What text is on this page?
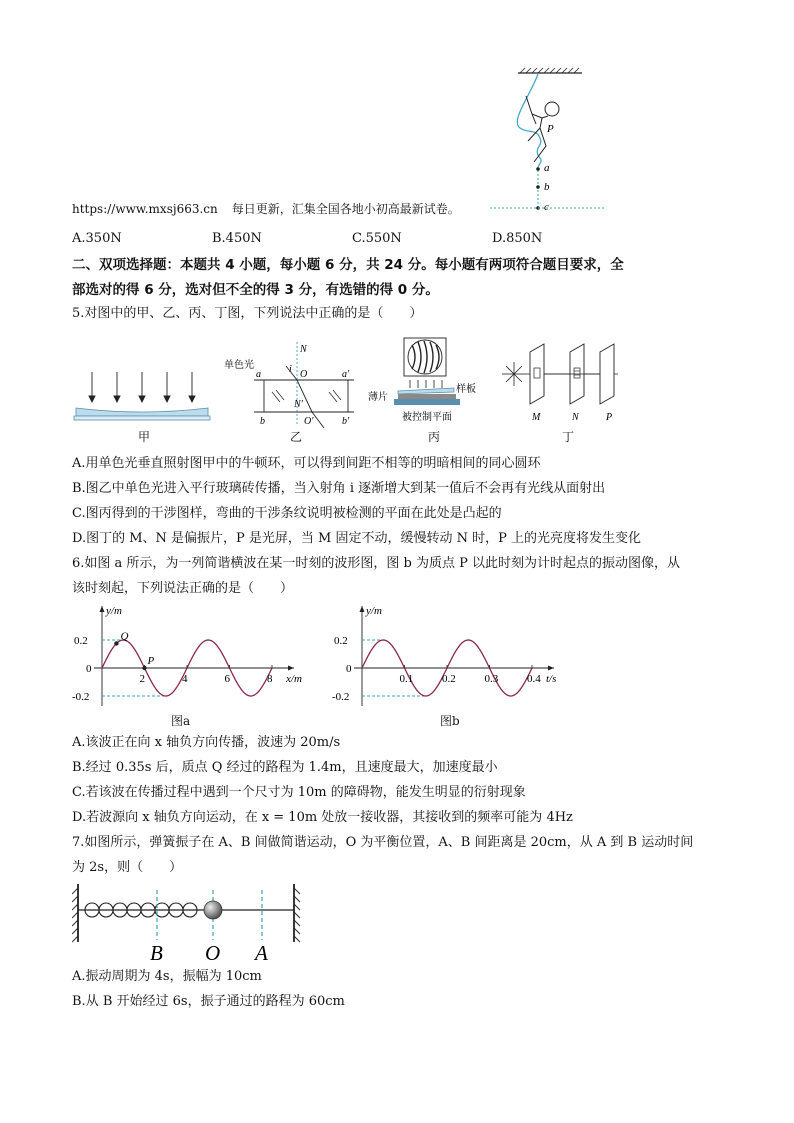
P
a
b
c
https://www.mxsj663.cn 每日更新，汇集全国各地小初高最新试卷。
A.350N	B.450N	C.550N	D.850N
二、双项选择题：本题共 4 小题，每小题 6 分，共 24 分。每小题有两项符合题目要求，全
部选对的得 6 分，选对但不全的得 3 分，有选错的得 0 分。
5.对图中的甲、乙、丙、丁图，下列说法中正确的是（　　）
甲
单色光
N
i O
a	a′
N′
b	O′	b′
乙
薄片
样板
被控制平面
丙
M	N	P
丁
A.用单色光垂直照射图甲中的牛顿环，可以得到间距不相等的明暗相间的同心圆环
B.图乙中单色光进入平行玻璃砖传播，当入射角 i 逐渐增大到某一值后不会再有光线从面射出
C.图丙得到的干涉图样，弯曲的干涉条纹说明被检测的平面在此处是凸起的
D.图丁的 M、N 是偏振片，P 是光屏，当 M 固定不动，缓慢转动 N 时，P 上的光亮度将发生变化
6.如图 a 所示，为一列简谐横波在某一时刻的波形图，图 b 为质点 P 以此时刻为计时起点的振动图像，从
该时刻起，下列说法正确的是（　　）
2	4	6	8
0.2
0
-0.2
x/m
y/m
Q
P
0.1	0.2	0.3	0.4
0.2
0
-0.2
t/s
y/m
图a	图b
A.该波正在向 x 轴负方向传播，波速为 20m/s
B.经过 0.35s 后，质点 Q 经过的路程为 1.4m，且速度最大，加速度最小
C.若该波在传播过程中遇到一个尺寸为 10m 的障碍物，能发生明显的衍射现象
D.若波源向 x 轴负方向运动，在 x = 10m 处放一接收器，其接收到的频率可能为 4Hz
7.如图所示，弹簧振子在 A、B 间做简谐运动，O 为平衡位置，A、B 间距离是 20cm，从 A 到 B 运动时间
为 2s，则（　　）
B O A
A.振动周期为 4s，振幅为 10cm
B.从 B 开始经过 6s，振子通过的路程为 60cm
